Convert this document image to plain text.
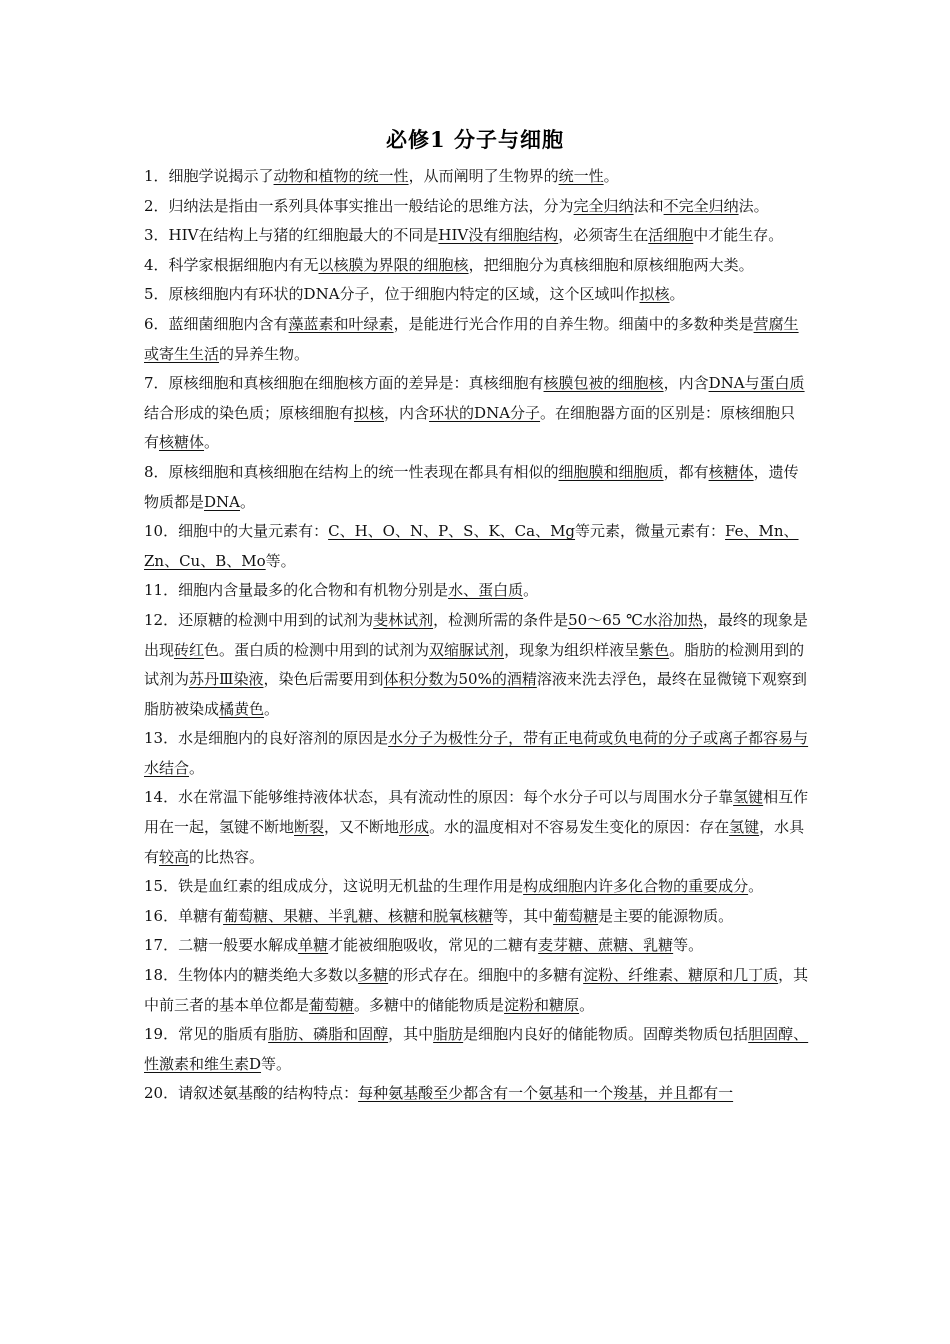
必修1 分子与细胞

1．细胞学说揭示了动物和植物的统一性，从而阐明了生物界的统一性。

2．归纳法是指由一系列具体事实推出一般结论的思维方法，分为完全归纳法和不完全归纳法。

3．HIV在结构上与猪的红细胞最大的不同是HIV没有细胞结构，必须寄生在活细胞中才能生存。

4．科学家根据细胞内有无以核膜为界限的细胞核，把细胞分为真核细胞和原核细胞两大类。

5．原核细胞内有环状的DNA分子，位于细胞内特定的区域，这个区域叫作拟核。

6．蓝细菌细胞内含有藻蓝素和叶绿素，是能进行光合作用的自养生物。细菌中的多数种类是营腐生或寄生生活的异养生物。

7．原核细胞和真核细胞在细胞核方面的差异是：真核细胞有核膜包被的细胞核，内含DNA与蛋白质结合形成的染色质；原核细胞有拟核，内含环状的DNA分子。在细胞器方面的区别是：原核细胞只有核糖体。

8．原核细胞和真核细胞在结构上的统一性表现在都具有相似的细胞膜和细胞质，都有核糖体，遗传物质都是DNA。

10．细胞中的大量元素有：C、H、O、N、P、S、K、Ca、Mg等元素，微量元素有：Fe、Mn、Zn、Cu、B、Mo等。

11．细胞内含量最多的化合物和有机物分别是水、蛋白质。

12．还原糖的检测中用到的试剂为斐林试剂，检测所需的条件是50～65 ℃水浴加热，最终的现象是出现砖红色。蛋白质的检测中用到的试剂为双缩脲试剂，现象为组织样液呈紫色。脂肪的检测用到的试剂为苏丹Ⅲ染液，染色后需要用到体积分数为50%的酒精溶液来洗去浮色，最终在显微镜下观察到脂肪被染成橘黄色。

13．水是细胞内的良好溶剂的原因是水分子为极性分子，带有正电荷或负电荷的分子或离子都容易与水结合。

14．水在常温下能够维持液体状态，具有流动性的原因：每个水分子可以与周围水分子靠氢键相互作用在一起，氢键不断地断裂，又不断地形成。水的温度相对不容易发生变化的原因：存在氢键，水具有较高的比热容。

15．铁是血红素的组成成分，这说明无机盐的生理作用是构成细胞内许多化合物的重要成分。

16．单糖有葡萄糖、果糖、半乳糖、核糖和脱氧核糖等，其中葡萄糖是主要的能源物质。

17．二糖一般要水解成单糖才能被细胞吸收，常见的二糖有麦芽糖、蔗糖、乳糖等。

18．生物体内的糖类绝大多数以多糖的形式存在。细胞中的多糖有淀粉、纤维素、糖原和几丁质，其中前三者的基本单位都是葡萄糖。多糖中的储能物质是淀粉和糖原。

19．常见的脂质有脂肪、磷脂和固醇，其中脂肪是细胞内良好的储能物质。固醇类物质包括胆固醇、性激素和维生素D等。

20．请叙述氨基酸的结构特点：每种氨基酸至少都含有一个氨基和一个羧基，并且都有一
